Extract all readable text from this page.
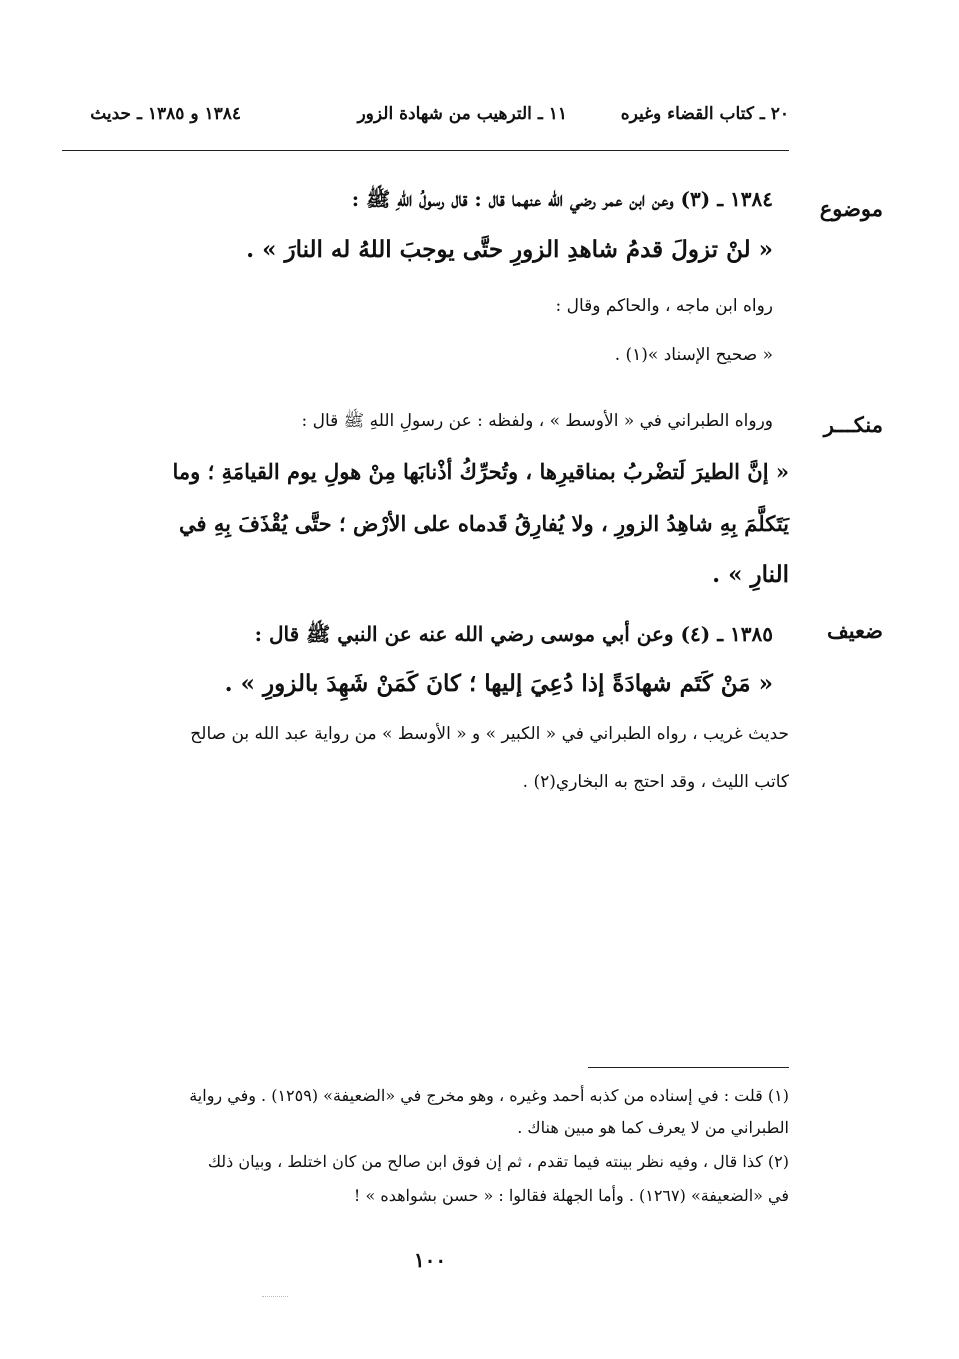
٢٠ ـ كتاب القضاء وغيره
١١ ـ الترهيب من شهادة الزور
١٣٨٤ و ١٣٨٥ ـ حديث
موضوع
١٣٨٤ ـ (٣) وعن ابن عمر رضي الله عنهما قال : قال رسولُ اللهِ ﷺ :
« لنْ تزولَ قدمُ شاهدِ الزورِ حتَّى يوجبَ اللهُ له النارَ » .
رواه ابن ماجه ، والحاكم وقال :
« صحيح الإسناد »(١) .
منكـــر
ورواه الطبراني في « الأوسط » ، ولفظه : عن رسولِ اللهِ ﷺ قال :
« إنَّ الطيرَ لَتضْربُ بمناقيرِها ، وتُحرِّكُ أذْنابَها مِنْ هولِ يوم القيامَةِ ؛ وما
يَتَكلَّمَ بِهِ شاهِدُ الزورِ ، ولا يُفارِقُ قَدماه على الأرْض ؛ حتَّى يُقْذَفَ بِهِ في
النارِ » .
ضعيف
١٣٨٥ ـ (٤) وعن أبي موسى رضي الله عنه عن النبي ﷺ قال :
« مَنْ كَتَم شهادَةً إذا دُعِيَ إليها ؛ كانَ كَمَنْ شَهِدَ بالزورِ » .
حديث غريب ، رواه الطبراني في « الكبير » و « الأوسط » من رواية عبد الله بن صالح
كاتب الليث ، وقد احتج به البخاري(٢) .
(١) قلت : في إسناده من كذبه أحمد وغيره ، وهو مخرج في «الضعيفة» (١٢٥٩) . وفي رواية
الطبراني من لا يعرف كما هو مبين هناك .
(٢) كذا قال ، وفيه نظر بينته فيما تقدم ، ثم إن فوق ابن صالح من كان اختلط ، وبيان ذلك
في «الضعيفة» (١٢٦٧) . وأما الجهلة فقالوا : « حسن بشواهده » !
١٠٠
